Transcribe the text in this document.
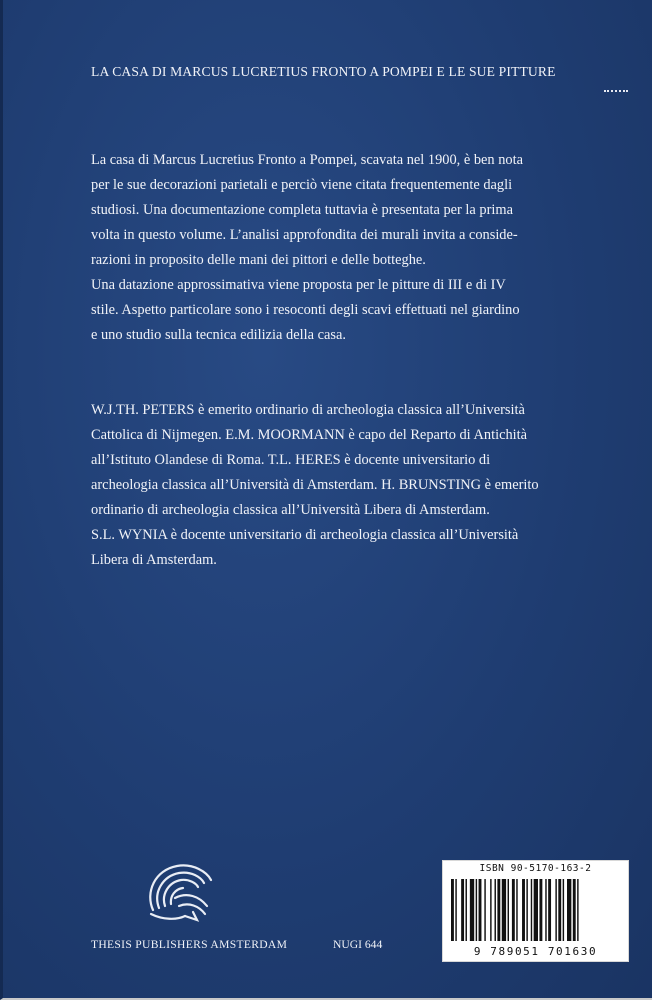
LA CASA DI MARCUS LUCRETIUS FRONTO A POMPEI E LE SUE PITTURE
La casa di Marcus Lucretius Fronto a Pompei, scavata nel 1900, è ben nota
per le sue decorazioni parietali e perciò viene citata frequentemente dagli
studiosi. Una documentazione completa tuttavia è presentata per la prima
volta in questo volume. L’analisi approfondita dei murali invita a conside-
razioni in proposito delle mani dei pittori e delle botteghe.
Una datazione approssimativa viene proposta per le pitture di III e di IV
stile. Aspetto particolare sono i resoconti degli scavi effettuati nel giardino
e uno studio sulla tecnica edilizia della casa.
W.J.TH. PETERS è emerito ordinario di archeologia classica all’Università
Cattolica di Nijmegen. E.M. MOORMANN è capo del Reparto di Antichità
all’Istituto Olandese di Roma. T.L. HERES è docente universitario di
archeologia classica all’Università di Amsterdam. H. BRUNSTING è emerito
ordinario di archeologia classica all’Università Libera di Amsterdam.
S.L. WYNIA è docente universitario di archeologia classica all’Università
Libera di Amsterdam.
THESIS PUBLISHERS AMSTERDAM	NUGI 644
ISBN 90-5170-163-2
9 789051 701630
